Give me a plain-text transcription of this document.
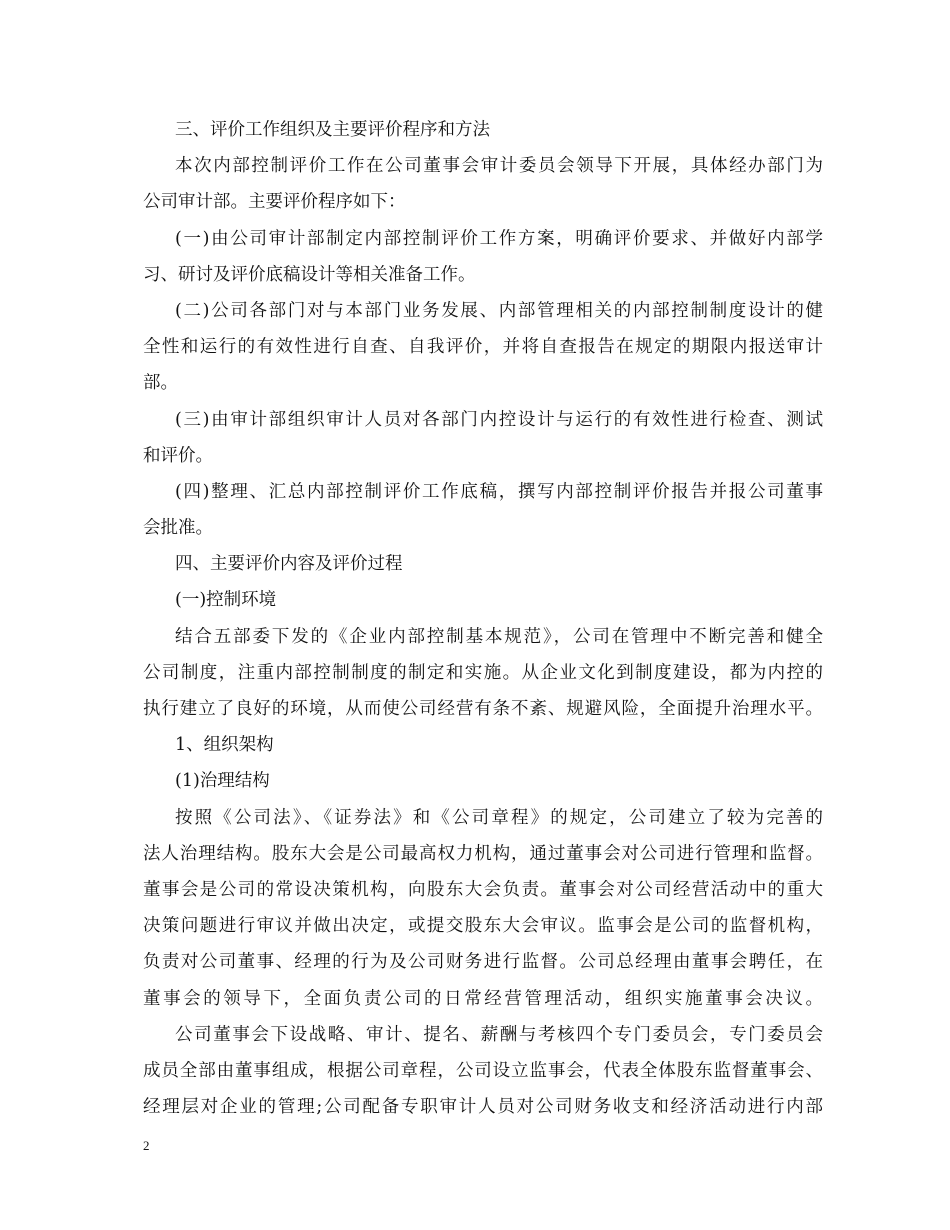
三、评价工作组织及主要评价程序和方法
本次内部控制评价工作在公司董事会审计委员会领导下开展，具体经办部门为
公司审计部。主要评价程序如下：
(一)由公司审计部制定内部控制评价工作方案，明确评价要求、并做好内部学
习、研讨及评价底稿设计等相关准备工作。
(二)公司各部门对与本部门业务发展、内部管理相关的内部控制制度设计的健
全性和运行的有效性进行自查、自我评价，并将自查报告在规定的期限内报送审计
部。
(三)由审计部组织审计人员对各部门内控设计与运行的有效性进行检查、测试
和评价。
(四)整理、汇总内部控制评价工作底稿，撰写内部控制评价报告并报公司董事
会批准。
四、主要评价内容及评价过程
(一)控制环境
结合五部委下发的《企业内部控制基本规范》，公司在管理中不断完善和健全
公司制度，注重内部控制制度的制定和实施。从企业文化到制度建设，都为内控的
执行建立了良好的环境，从而使公司经营有条不紊、规避风险，全面提升治理水平。
1、组织架构
(1)治理结构
按照《公司法》、《证券法》和《公司章程》的规定，公司建立了较为完善的
法人治理结构。股东大会是公司最高权力机构，通过董事会对公司进行管理和监督。
董事会是公司的常设决策机构，向股东大会负责。董事会对公司经营活动中的重大
决策问题进行审议并做出决定，或提交股东大会审议。监事会是公司的监督机构，
负责对公司董事、经理的行为及公司财务进行监督。公司总经理由董事会聘任，在
董事会的领导下，全面负责公司的日常经营管理活动，组织实施董事会决议。
公司董事会下设战略、审计、提名、薪酬与考核四个专门委员会，专门委员会
成员全部由董事组成，根据公司章程，公司设立监事会，代表全体股东监督董事会、
经理层对企业的管理;公司配备专职审计人员对公司财务收支和经济活动进行内部
2
